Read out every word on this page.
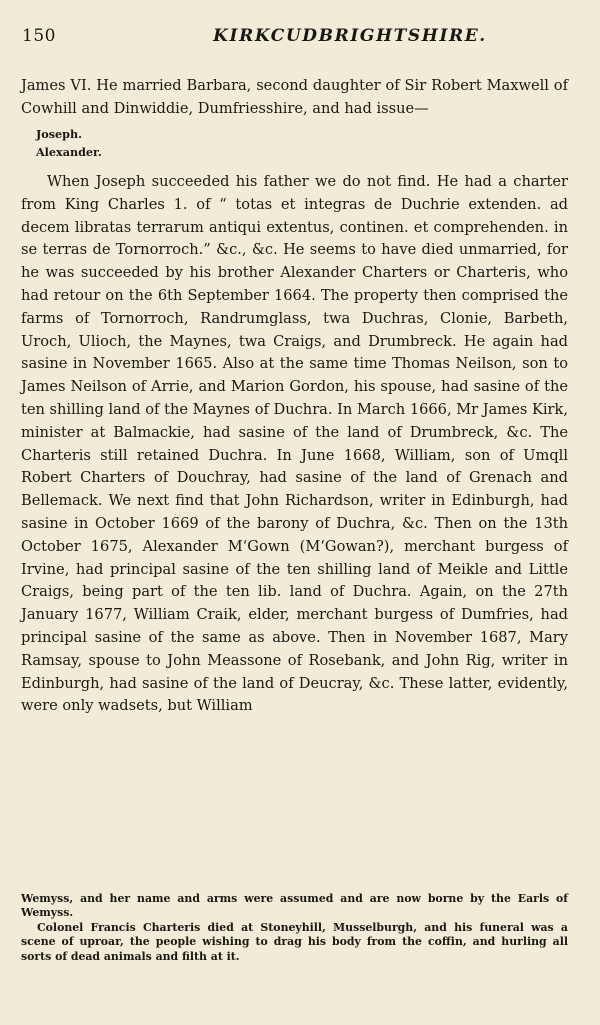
150	KIRKCUDBRIGHTSHIRE.

James VI. He married Barbara, second daughter of Sir Robert Maxwell of Cowhill and Dinwiddie, Dumfriesshire, and had issue—

Joseph.
Alexander.

When Joseph succeeded his father we do not find. He had a charter from King Charles 1. of “ totas et integras de Duchrie extenden. ad decem libratas terrarum antiqui extentus, continen. et comprehenden. in se terras de Tornorroch.” &c., &c. He seems to have died unmarried, for he was succeeded by his brother Alexander Charters or Charteris, who had retour on the 6th September 1664. The property then comprised the farms of Tornorroch, Randrumglass, twa Duchras, Clonie, Barbeth, Uroch, Ulioch, the Maynes, twa Craigs, and Drumbreck. He again had sasine in November 1665. Also at the same time Thomas Neilson, son to James Neilson of Arrie, and Marion Gordon, his spouse, had sasine of the ten shilling land of the Maynes of Duchra. In March 1666, Mr James Kirk, minister at Balmackie, had sasine of the land of Drumbreck, &c. The Charteris still retained Duchra. In June 1668, William, son of Umqll Robert Charters of Douchray, had sasine of the land of Grenach and Bellemack. We next find that John Richardson, writer in Edinburgh, had sasine in October 1669 of the barony of Duchra, &c. Then on the 13th October 1675, Alexander M‘Gown (M‘Gowan?), merchant burgess of Irvine, had principal sasine of the ten shilling land of Meikle and Little Craigs, being part of the ten lib. land of Duchra. Again, on the 27th January 1677, William Craik, elder, merchant burgess of Dumfries, had principal sasine of the same as above. Then in November 1687, Mary Ramsay, spouse to John Meassone of Rosebank, and John Rig, writer in Edinburgh, had sasine of the land of Deucray, &c. These latter, evidently, were only wadsets, but William

Wemyss, and her name and arms were assumed and are now borne by the Earls of Wemyss.

Colonel Francis Charteris died at Stoneyhill, Musselburgh, and his funeral was a scene of uproar, the people wishing to drag his body from the coffin, and hurling all sorts of dead animals and filth at it.
